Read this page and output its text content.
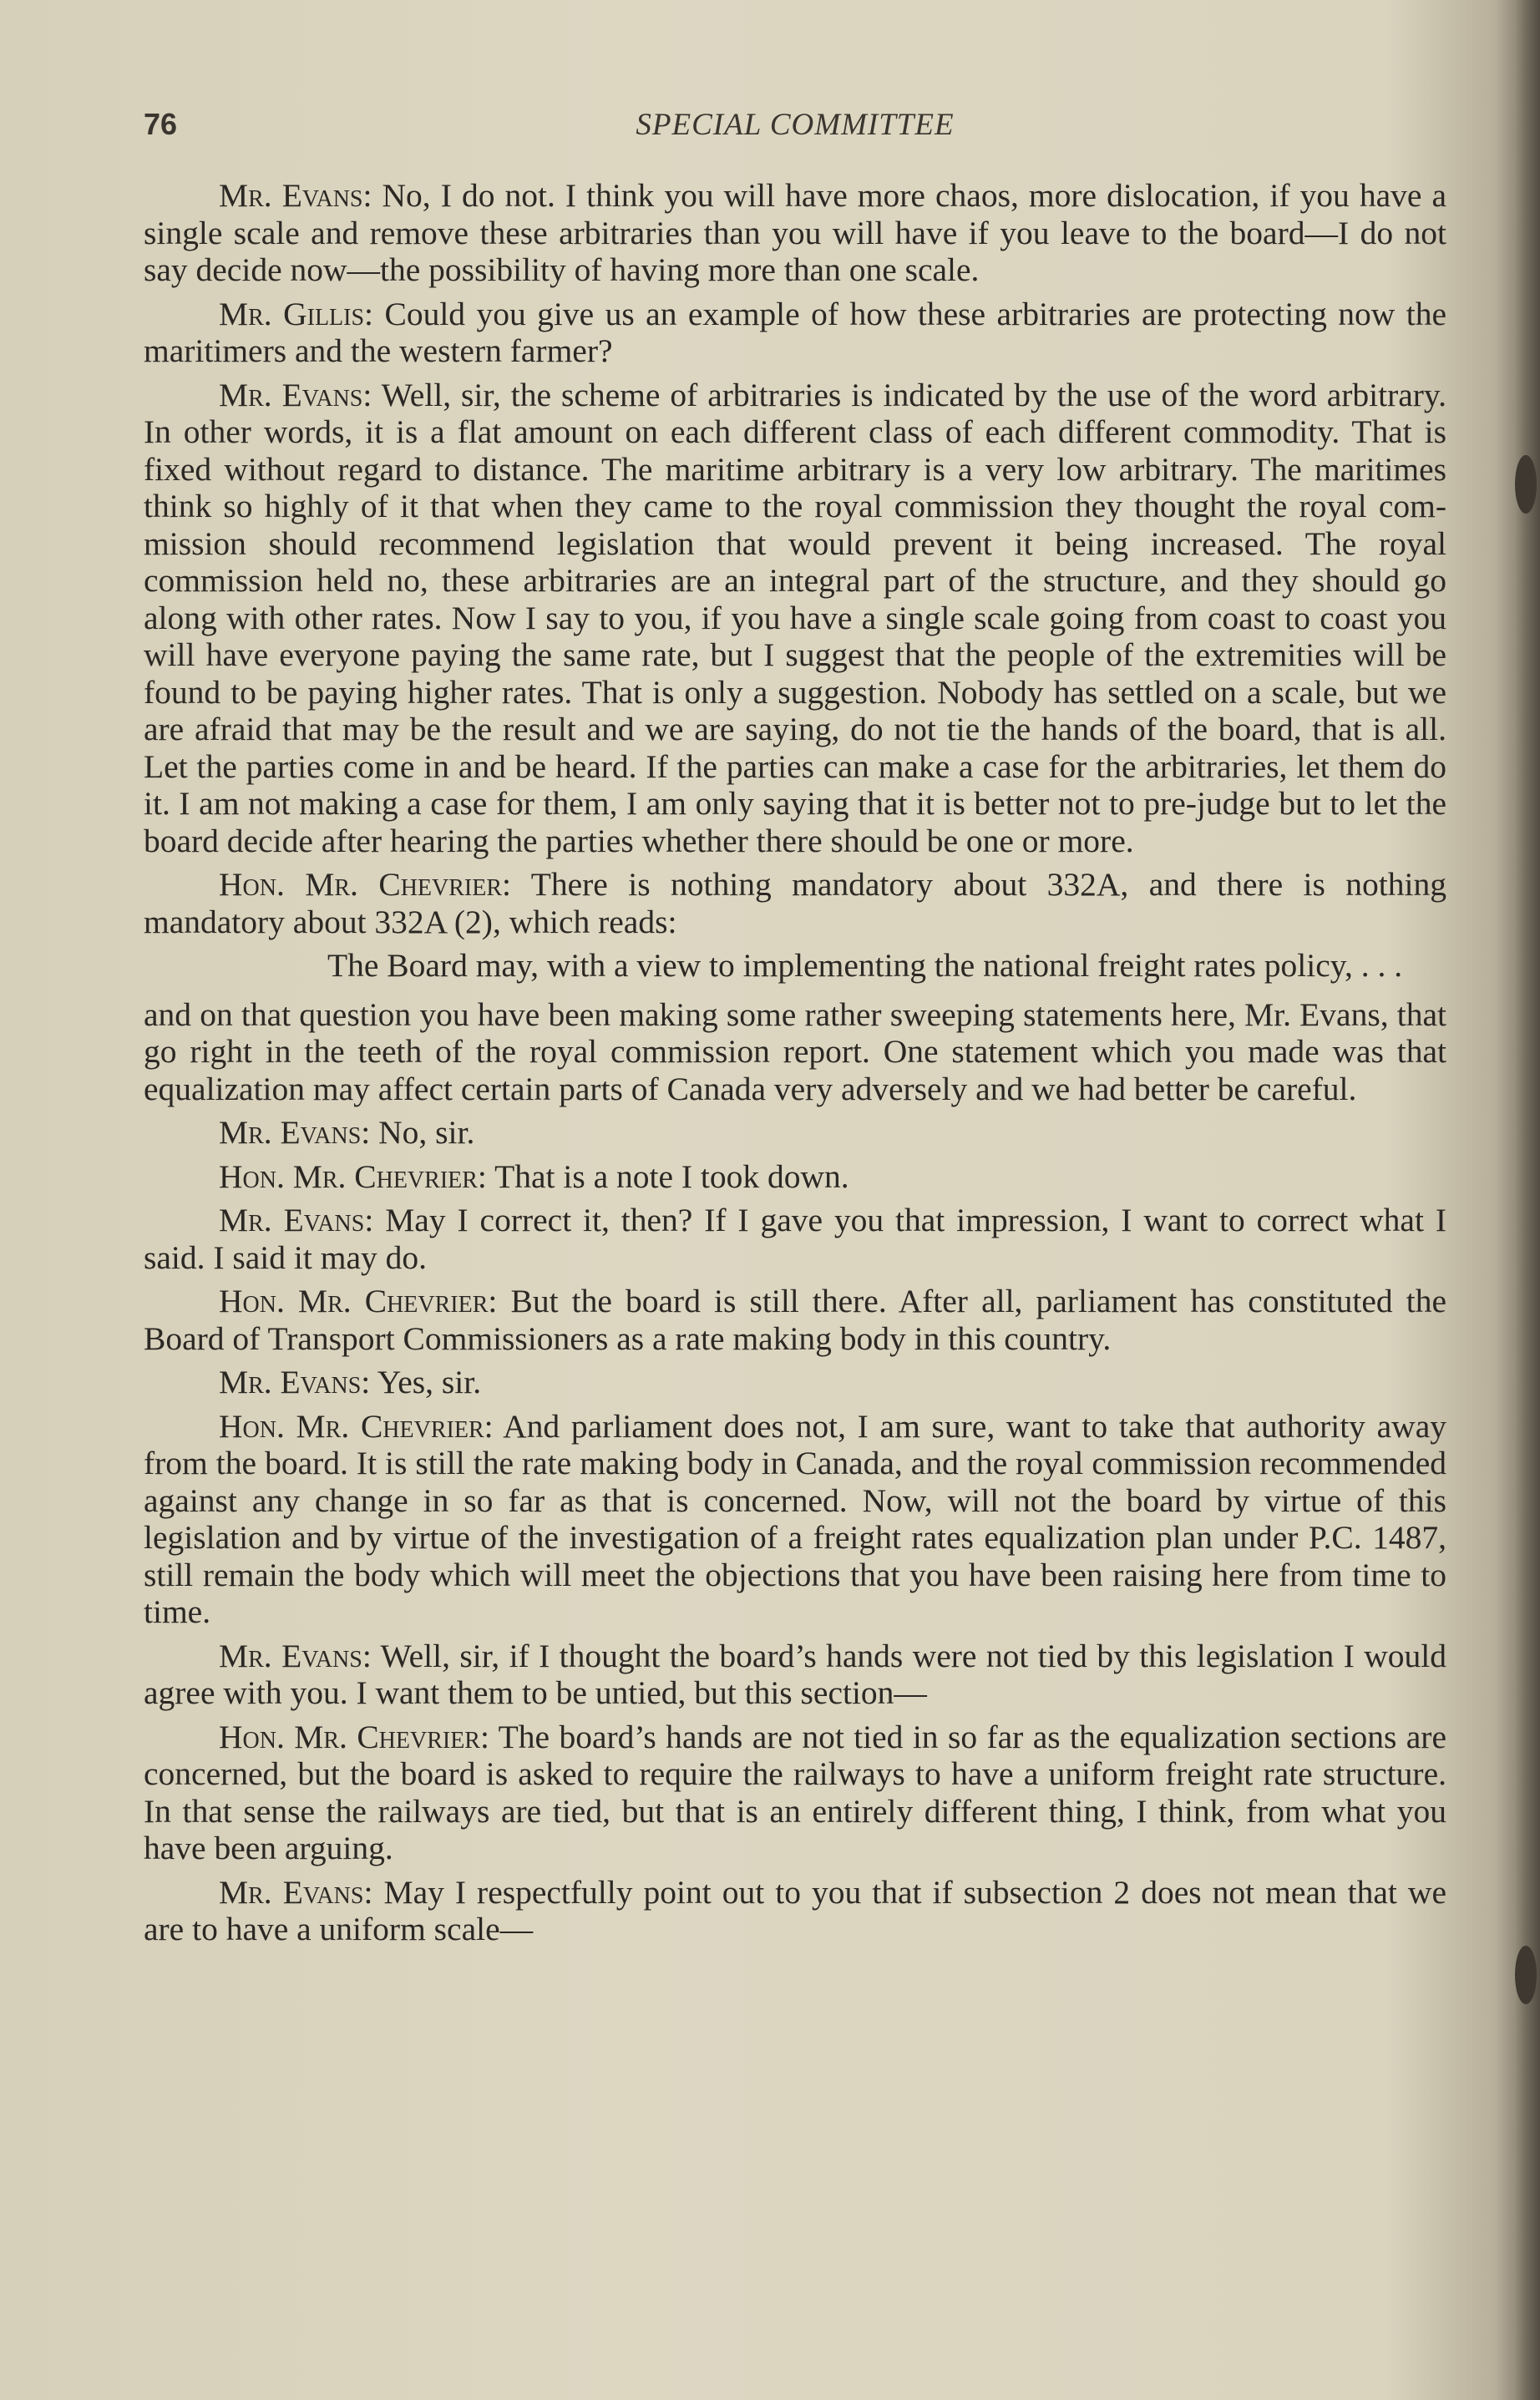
76	SPECIAL COMMITTEE

Mr. Evans: No, I do not. I think you will have more chaos, more dislocation, if you have a single scale and remove these arbitraries than you will have if you leave to the board—I do not say decide now—the possibility of having more than one scale.

Mr. Gillis: Could you give us an example of how these arbitraries are protecting now the maritimers and the western farmer?

Mr. Evans: Well, sir, the scheme of arbitraries is indicated by the use of the word arbitrary. In other words, it is a flat amount on each different class of each different commodity. That is fixed without regard to distance. The maritime arbitrary is a very low arbitrary. The maritimes think so highly of it that when they came to the royal commission they thought the royal commission should recommend legislation that would prevent it being increased. The royal commission held no, these arbitraries are an integral part of the structure, and they should go along with other rates. Now I say to you, if you have a single scale going from coast to coast you will have everyone paying the same rate, but I suggest that the people of the extremities will be found to be paying higher rates. That is only a suggestion. Nobody has settled on a scale, but we are afraid that may be the result and we are saying, do not tie the hands of the board, that is all. Let the parties come in and be heard. If the parties can make a case for the arbitraries, let them do it. I am not making a case for them, I am only saying that it is better not to pre-judge but to let the board decide after hearing the parties whether there should be one or more.

Hon. Mr. Chevrier: There is nothing mandatory about 332A, and there is nothing mandatory about 332A (2), which reads:

The Board may, with a view to implementing the national freight rates policy, . . .

and on that question you have been making some rather sweeping statements here, Mr. Evans, that go right in the teeth of the royal commission report. One statement which you made was that equalization may affect certain parts of Canada very adversely and we had better be careful.

Mr. Evans: No, sir.

Hon. Mr. Chevrier: That is a note I took down.

Mr. Evans: May I correct it, then? If I gave you that impression, I want to correct what I said. I said it may do.

Hon. Mr. Chevrier: But the board is still there. After all, parliament has constituted the Board of Transport Commissioners as a rate making body in this country.

Mr. Evans: Yes, sir.

Hon. Mr. Chevrier: And parliament does not, I am sure, want to take that authority away from the board. It is still the rate making body in Canada, and the royal commission recommended against any change in so far as that is concerned. Now, will not the board by virtue of this legislation and by virtue of the investigation of a freight rates equalization plan under P.C. 1487, still remain the body which will meet the objections that you have been raising here from time to time.

Mr. Evans: Well, sir, if I thought the board’s hands were not tied by this legislation I would agree with you. I want them to be untied, but this section—

Hon. Mr. Chevrier: The board’s hands are not tied in so far as the equalization sections are concerned, but the board is asked to require the railways to have a uniform freight rate structure. In that sense the railways are tied, but that is an entirely different thing, I think, from what you have been arguing.

Mr. Evans: May I respectfully point out to you that if subsection 2 does not mean that we are to have a uniform scale—
